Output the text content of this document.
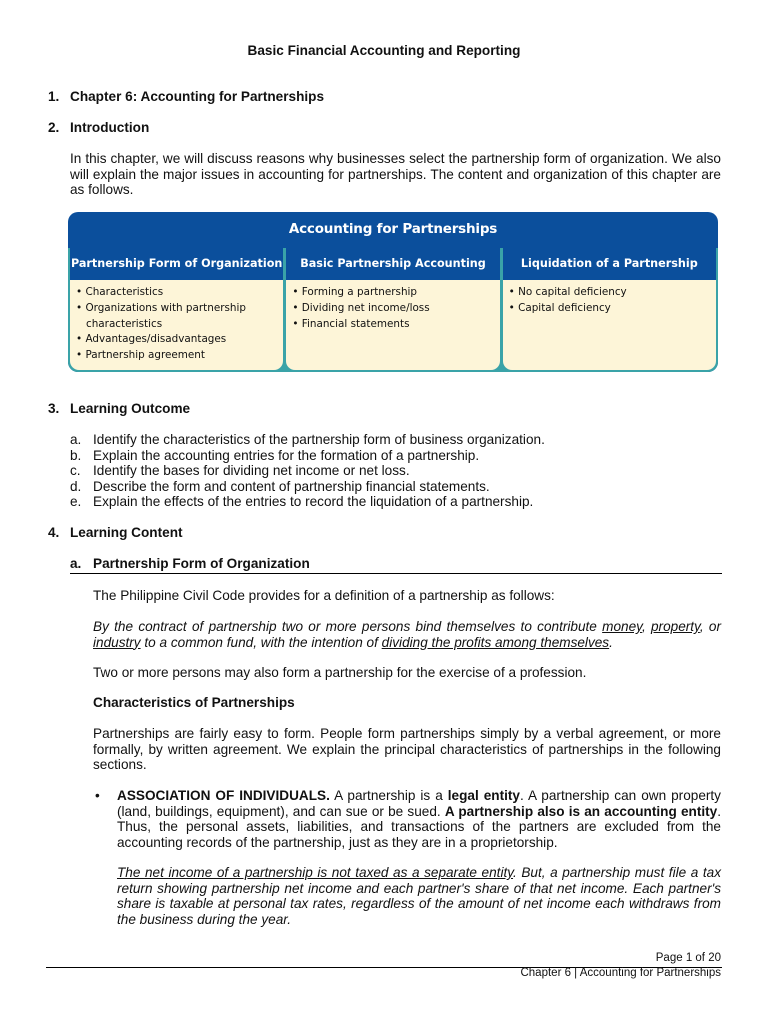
Basic Financial Accounting and Reporting
1. Chapter 6: Accounting for Partnerships
2. Introduction
In this chapter, we will discuss reasons why businesses select the partnership form of organization. We also will explain the major issues in accounting for partnerships. The content and organization of this chapter are as follows.
Accounting for Partnerships
Partnership Form of Organization
• Characteristics
• Organizations with partnership characteristics
• Advantages/disadvantages
• Partnership agreement
Basic Partnership Accounting
• Forming a partnership
• Dividing net income/loss
• Financial statements
Liquidation of a Partnership
• No capital deficiency
• Capital deficiency
3. Learning Outcome
a. Identify the characteristics of the partnership form of business organization.
b. Explain the accounting entries for the formation of a partnership.
c. Identify the bases for dividing net income or net loss.
d. Describe the form and content of partnership financial statements.
e. Explain the effects of the entries to record the liquidation of a partnership.
4. Learning Content
a. Partnership Form of Organization
The Philippine Civil Code provides for a definition of a partnership as follows:
By the contract of partnership two or more persons bind themselves to contribute money, property, or industry to a common fund, with the intention of dividing the profits among themselves.
Two or more persons may also form a partnership for the exercise of a profession.
Characteristics of Partnerships
Partnerships are fairly easy to form. People form partnerships simply by a verbal agreement, or more formally, by written agreement. We explain the principal characteristics of partnerships in the following sections.
• ASSOCIATION OF INDIVIDUALS. A partnership is a legal entity. A partnership can own property (land, buildings, equipment), and can sue or be sued. A partnership also is an accounting entity. Thus, the personal assets, liabilities, and transactions of the partners are excluded from the accounting records of the partnership, just as they are in a proprietorship.
The net income of a partnership is not taxed as a separate entity. But, a partnership must file a tax return showing partnership net income and each partner's share of that net income. Each partner's share is taxable at personal tax rates, regardless of the amount of net income each withdraws from the business during the year.
Page 1 of 20
Chapter 6 | Accounting for Partnerships
